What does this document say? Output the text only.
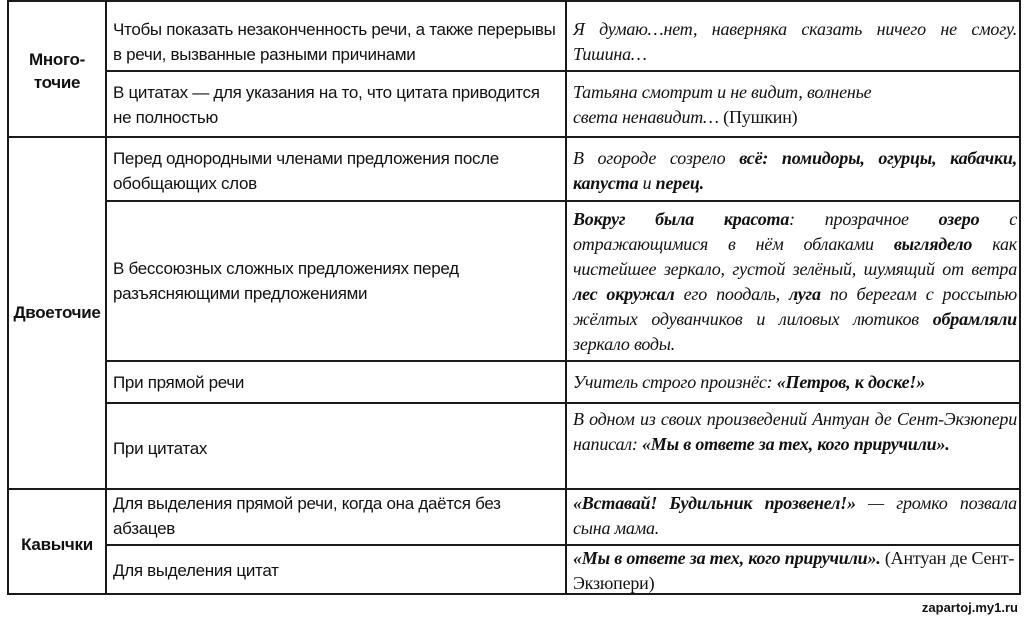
Много-
точие
Чтобы показать незаконченность речи, а также перерывы в речи, вызванные разными причинами
Я думаю…нет, наверняка сказать ничего не смогу. Тишина…
В цитатах — для указания на то, что цитата приводится не полностью
Татьяна смотрит и не видит, волненье света ненавидит… (Пушкин)
Двоеточие
Перед однородными членами предложения после обобщающих слов
В огороде созрело всё: помидоры, огурцы, кабачки, капуста и перец.
В бессоюзных сложных предложениях перед разъясняющими предложениями
Вокруг была красота: прозрачное озеро с отражающимися в нём облаками выглядело как чистейшее зеркало, густой зелёный, шумящий от ветра лес окружал его поодаль, луга по берегам с россыпью жёлтых одуванчиков и лиловых лютиков обрамляли зеркало воды.
При прямой речи	Учитель строго произнёс: «Петров, к доске!»
При цитатах
В одном из своих произведений Антуан де Сент-Экзюпери написал: «Мы в ответе за тех, кого приручили».
Кавычки
Для выделения прямой речи, когда она даётся без абзацев
«Вставай! Будильник прозвенел!» — громко позвала сына мама.
Для выделения цитат
«Мы в ответе за тех, кого приручили». (Антуан де Сент-Экзюпери)
zapartoj.my1.ru
